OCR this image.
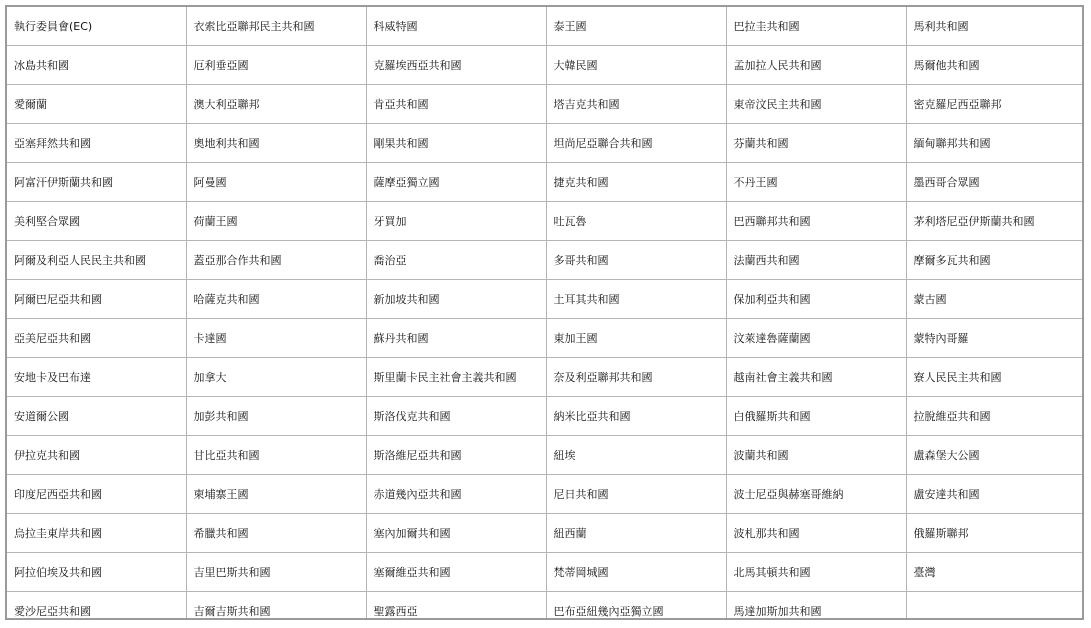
執行委員會(EC)	衣索比亞聯邦民主共和國	科威特國	泰王國	巴拉圭共和國	馬利共和國
冰島共和國	厄利垂亞國	克羅埃西亞共和國	大韓民國	孟加拉人民共和國	馬爾他共和國
愛爾蘭	澳大利亞聯邦	肯亞共和國	塔吉克共和國	東帝汶民主共和國	密克羅尼西亞聯邦
亞塞拜然共和國	奧地利共和國	剛果共和國	坦尚尼亞聯合共和國	芬蘭共和國	緬甸聯邦共和國
阿富汗伊斯蘭共和國	阿曼國	薩摩亞獨立國	捷克共和國	不丹王國	墨西哥合眾國
美利堅合眾國	荷蘭王國	牙買加	吐瓦魯	巴西聯邦共和國	茅利塔尼亞伊斯蘭共和國
阿爾及利亞人民民主共和國	蓋亞那合作共和國	喬治亞	多哥共和國	法蘭西共和國	摩爾多瓦共和國
阿爾巴尼亞共和國	哈薩克共和國	新加坡共和國	土耳其共和國	保加利亞共和國	蒙古國
亞美尼亞共和國	卡達國	蘇丹共和國	東加王國	汶萊達魯薩蘭國	蒙特內哥羅
安地卡及巴布達	加拿大	斯里蘭卡民主社會主義共和國	奈及利亞聯邦共和國	越南社會主義共和國	寮人民民主共和國
安道爾公國	加彭共和國	斯洛伐克共和國	納米比亞共和國	白俄羅斯共和國	拉脫維亞共和國
伊拉克共和國	甘比亞共和國	斯洛維尼亞共和國	紐埃	波蘭共和國	盧森堡大公國
印度尼西亞共和國	柬埔寨王國	赤道幾內亞共和國	尼日共和國	波士尼亞與赫塞哥維納	盧安達共和國
烏拉圭東岸共和國	希臘共和國	塞內加爾共和國	紐西蘭	波札那共和國	俄羅斯聯邦
阿拉伯埃及共和國	吉里巴斯共和國	塞爾維亞共和國	梵蒂岡城國	北馬其頓共和國	臺灣
愛沙尼亞共和國	吉爾吉斯共和國	聖露西亞	巴布亞紐幾內亞獨立國	馬達加斯加共和國	
